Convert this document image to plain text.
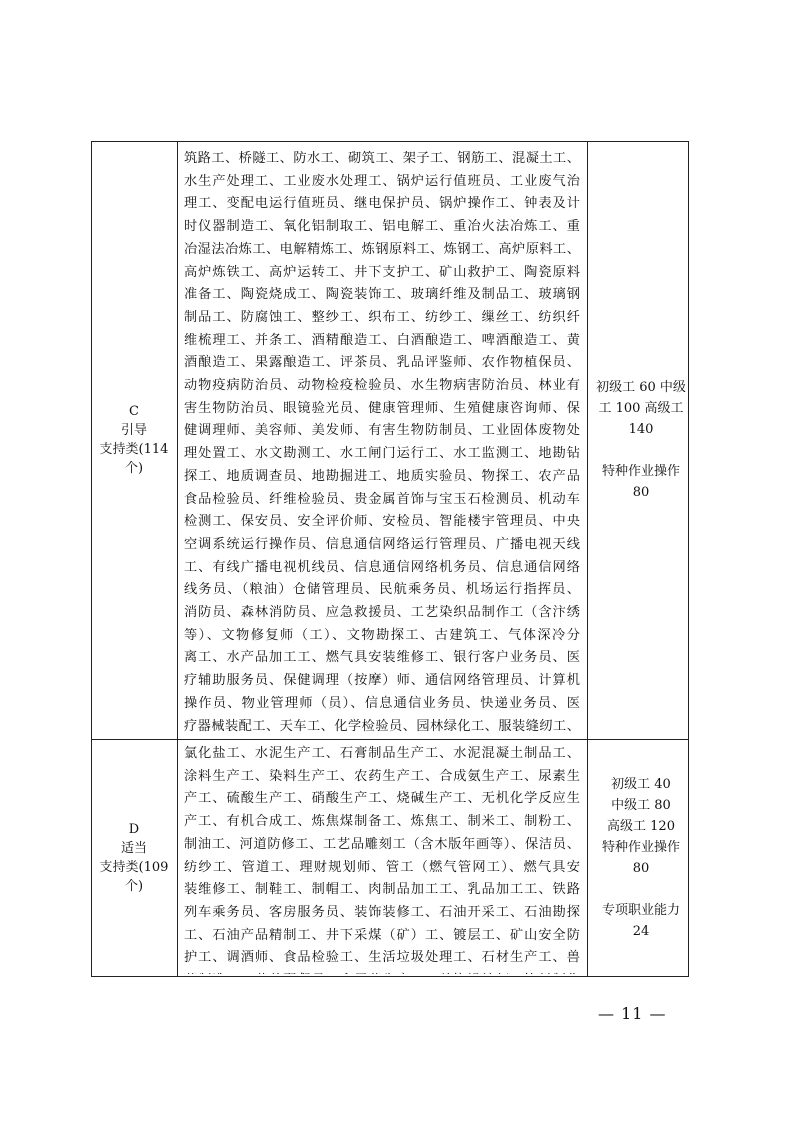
C
引导
支持类(114
个)
筑路工、桥隧工、防水工、砌筑工、架子工、钢筋工、混凝土工、
水生产处理工、工业废水处理工、锅炉运行值班员、工业废气治
理工、变配电运行值班员、继电保护员、锅炉操作工、钟表及计
时仪器制造工、氧化铝制取工、铝电解工、重冶火法冶炼工、重
冶湿法冶炼工、电解精炼工、炼钢原料工、炼钢工、高炉原料工、
高炉炼铁工、高炉运转工、井下支护工、矿山救护工、陶瓷原料
准备工、陶瓷烧成工、陶瓷装饰工、玻璃纤维及制品工、玻璃钢
制品工、防腐蚀工、整纱工、织布工、纺纱工、缫丝工、纺织纤
维梳理工、并条工、酒精酿造工、白酒酿造工、啤酒酿造工、黄
酒酿造工、果露酿造工、评茶员、乳品评鉴师、农作物植保员、
动物疫病防治员、动物检疫检验员、水生物病害防治员、林业有
害生物防治员、眼镜验光员、健康管理师、生殖健康咨询师、保
健调理师、美容师、美发师、有害生物防制员、工业固体废物处
理处置工、水文勘测工、水工闸门运行工、水工监测工、地勘钻
探工、地质调查员、地勘掘进工、地质实验员、物探工、农产品
食品检验员、纤维检验员、贵金属首饰与宝玉石检测员、机动车
检测工、保安员、安全评价师、安检员、智能楼宇管理员、中央
空调系统运行操作员、信息通信网络运行管理员、广播电视天线
工、有线广播电视机线员、信息通信网络机务员、信息通信网络
线务员、（粮油）仓储管理员、民航乘务员、机场运行指挥员、
消防员、森林消防员、应急救援员、工艺染织品制作工（含汴绣
等）、文物修复师（工）、文物勘探工、古建筑工、气体深冷分
离工、水产品加工工、燃气具安装维修工、银行客户业务员、医
疗辅助服务员、保健调理（按摩）师、通信网络管理员、计算机
操作员、物业管理师（员）、信息通信业务员、快递业务员、医
疗器械装配工、天车工、化学检验员、园林绿化工、服装缝纫工、
初级工 60 中级
工 100 高级工
140
特种作业操作
80
D
适当
支持类(109
个)
氯化盐工、水泥生产工、石膏制品生产工、水泥混凝土制品工、
涂料生产工、染料生产工、农药生产工、合成氨生产工、尿素生
产工、硫酸生产工、硝酸生产工、烧碱生产工、无机化学反应生
产工、有机合成工、炼焦煤制备工、炼焦工、制米工、制粉工、
制油工、河道防修工、工艺品雕刻工（含木版年画等）、保洁员、
纺纱工、管道工、理财规划师、管工（燃气管网工）、燃气具安
装维修工、制鞋工、制帽工、肉制品加工工、乳品加工工、铁路
列车乘务员、客房服务员、装饰装修工、石油开采工、石油勘探
工、石油产品精制工、井下采煤（矿）工、镀层工、矿山安全防
护工、调酒师、食品检验工、生活垃圾处理工、石材生产工、兽
初级工 40
中级工 80
高级工 120
特种作业操作
80
专项职业能力
24
— 11 —
